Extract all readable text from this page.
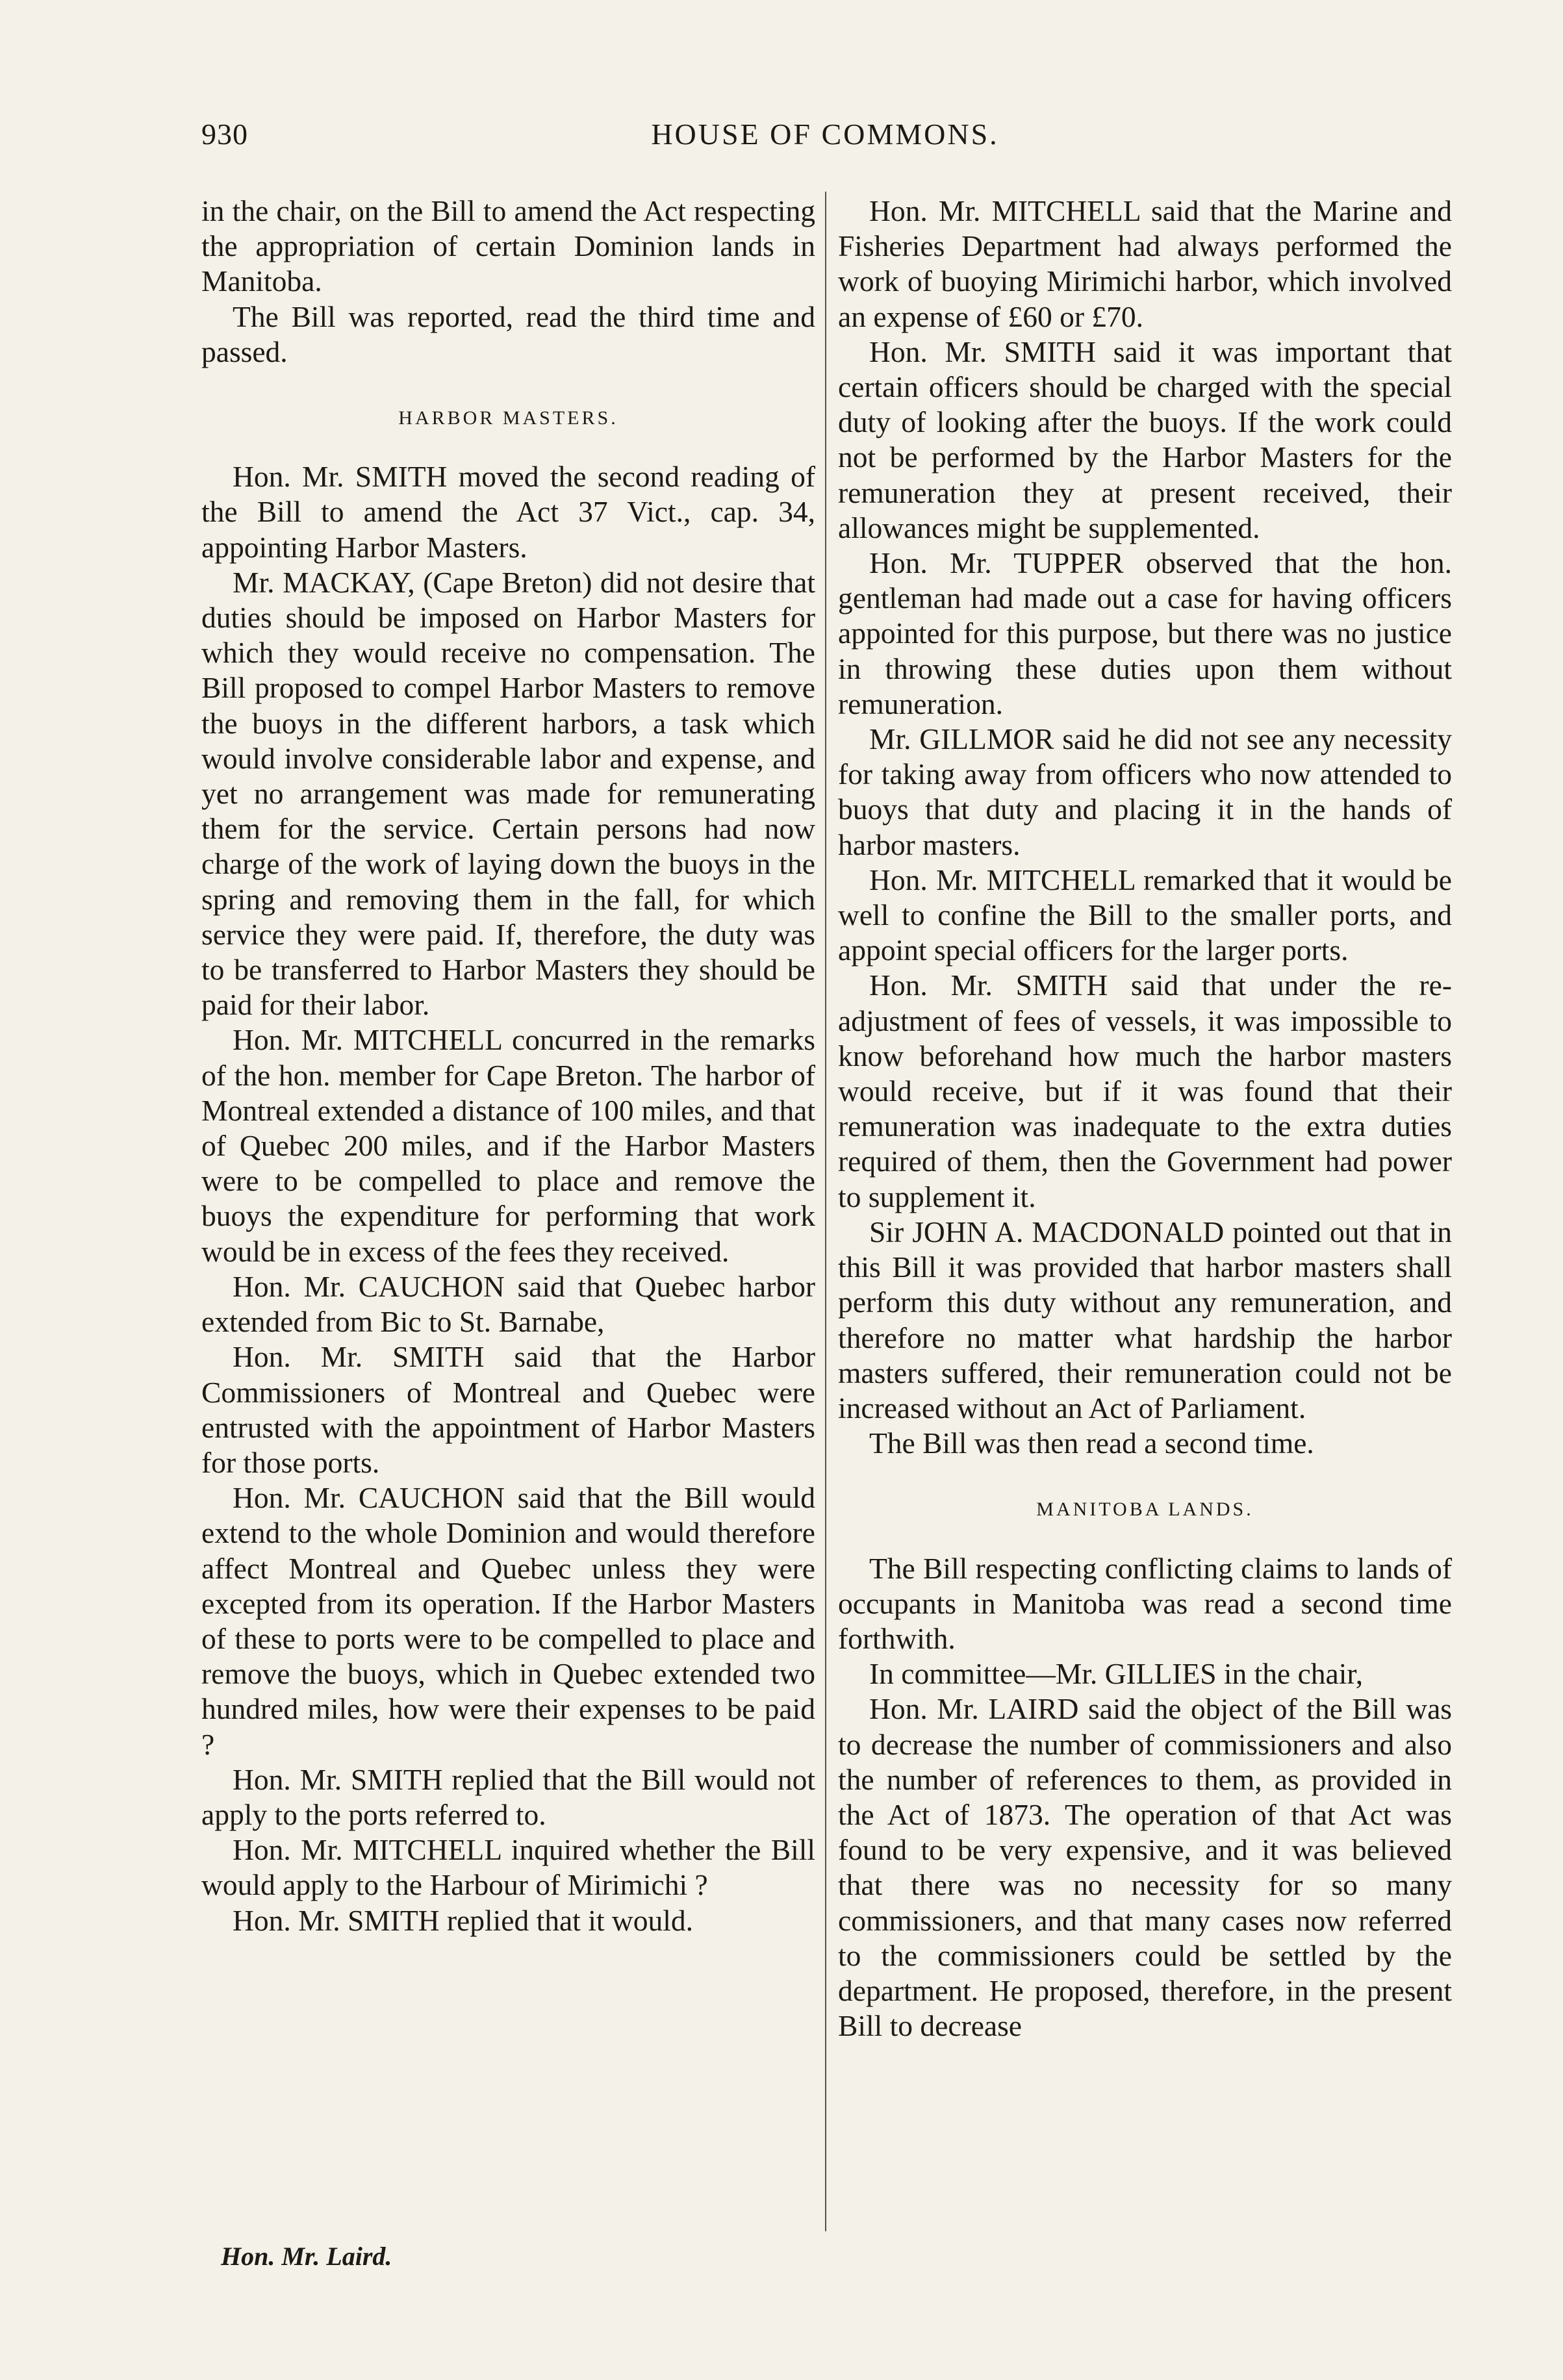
930	HOUSE OF COMMONS.

in the chair, on the Bill to amend the Act respecting the appropriation of certain Dominion lands in Manitoba.

The Bill was reported, read the third time and passed.

HARBOR MASTERS.

Hon. Mr. SMITH moved the second reading of the Bill to amend the Act 37 Vict., cap. 34, appointing Harbor Masters.

Mr. MACKAY, (Cape Breton) did not desire that duties should be imposed on Harbor Masters for which they would receive no compensation. The Bill proposed to compel Harbor Masters to remove the buoys in the different harbors, a task which would involve considerable labor and expense, and yet no arrangement was made for remunerating them for the service. Certain persons had now charge of the work of laying down the buoys in the spring and removing them in the fall, for which service they were paid. If, therefore, the duty was to be transferred to Harbor Masters they should be paid for their labor.

Hon. Mr. MITCHELL concurred in the remarks of the hon. member for Cape Breton. The harbor of Montreal extended a distance of 100 miles, and that of Quebec 200 miles, and if the Harbor Masters were to be compelled to place and remove the buoys the expenditure for performing that work would be in excess of the fees they received.

Hon. Mr. CAUCHON said that Quebec harbor extended from Bic to St. Barnabe,

Hon. Mr. SMITH said that the Harbor Commissioners of Montreal and Quebec were entrusted with the appointment of Harbor Masters for those ports.

Hon. Mr. CAUCHON said that the Bill would extend to the whole Dominion and would therefore affect Montreal and Quebec unless they were excepted from its operation. If the Harbor Masters of these to ports were to be compelled to place and remove the buoys, which in Quebec extended two hundred miles, how were their expenses to be paid ?

Hon. Mr. SMITH replied that the Bill would not apply to the ports referred to.

Hon. Mr. MITCHELL inquired whether the Bill would apply to the Harbour of Mirimichi ?

Hon. Mr. SMITH replied that it would.

Hon. Mr. MITCHELL said that the Marine and Fisheries Department had always performed the work of buoying Mirimichi harbor, which involved an expense of £60 or £70.

Hon. Mr. SMITH said it was important that certain officers should be charged with the special duty of looking after the buoys. If the work could not be performed by the Harbor Masters for the remuneration they at present received, their allowances might be supplemented.

Hon. Mr. TUPPER observed that the hon. gentleman had made out a case for having officers appointed for this purpose, but there was no justice in throwing these duties upon them without remuneration.

Mr. GILLMOR said he did not see any necessity for taking away from officers who now attended to buoys that duty and placing it in the hands of harbor masters.

Hon. Mr. MITCHELL remarked that it would be well to confine the Bill to the smaller ports, and appoint special officers for the larger ports.

Hon. Mr. SMITH said that under the re-adjustment of fees of vessels, it was impossible to know beforehand how much the harbor masters would receive, but if it was found that their remuneration was inadequate to the extra duties required of them, then the Government had power to supplement it.

Sir JOHN A. MACDONALD pointed out that in this Bill it was provided that harbor masters shall perform this duty without any remuneration, and therefore no matter what hardship the harbor masters suffered, their remuneration could not be increased without an Act of Parliament.

The Bill was then read a second time.

MANITOBA LANDS.

The Bill respecting conflicting claims to lands of occupants in Manitoba was read a second time forthwith.

In committee—Mr. GILLIES in the chair,

Hon. Mr. LAIRD said the object of the Bill was to decrease the number of commissioners and also the number of references to them, as provided in the Act of 1873. The operation of that Act was found to be very expensive, and it was believed that there was no necessity for so many commissioners, and that many cases now referred to the commissioners could be settled by the department. He proposed, therefore, in the present Bill to decrease

Hon. Mr. Laird.
